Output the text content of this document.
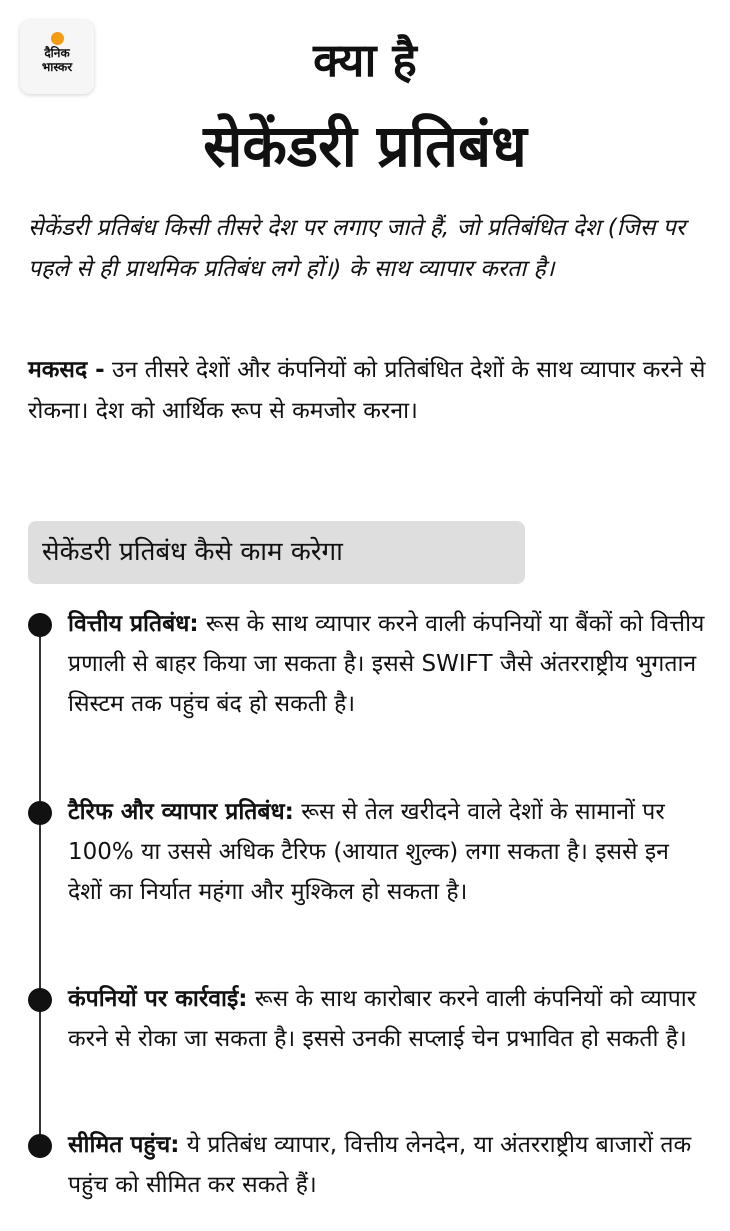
दैनिक
भास्कर	क्या है
सेकेंडरी प्रतिबंध

सेकेंडरी प्रतिबंध किसी तीसरे देश पर लगाए जाते हैं, जो प्रतिबंधित देश (जिस पर पहले से ही प्राथमिक प्रतिबंध लगे हों।) के साथ व्यापार करता है।

मकसद - उन तीसरे देशों और कंपनियों को प्रतिबंधित देशों के साथ व्यापार करने से रोकना। देश को आर्थिक रूप से कमजोर करना।

सेकेंडरी प्रतिबंध कैसे काम करेगा

वित्तीय प्रतिबंध: रूस के साथ व्यापार करने वाली कंपनियों या बैंकों को वित्तीय प्रणाली से बाहर किया जा सकता है। इससे SWIFT जैसे अंतरराष्ट्रीय भुगतान सिस्टम तक पहुंच बंद हो सकती है।

टैरिफ और व्यापार प्रतिबंध: रूस से तेल खरीदने वाले देशों के सामानों पर 100% या उससे अधिक टैरिफ (आयात शुल्क) लगा सकता है। इससे इन देशों का निर्यात महंगा और मुश्किल हो सकता है।

कंपनियों पर कार्रवाई: रूस के साथ कारोबार करने वाली कंपनियों को व्यापार करने से रोका जा सकता है। इससे उनकी सप्लाई चेन प्रभावित हो सकती है।

सीमित पहुंच: ये प्रतिबंध व्यापार, वित्तीय लेनदेन, या अंतरराष्ट्रीय बाजारों तक पहुंच को सीमित कर सकते हैं।
